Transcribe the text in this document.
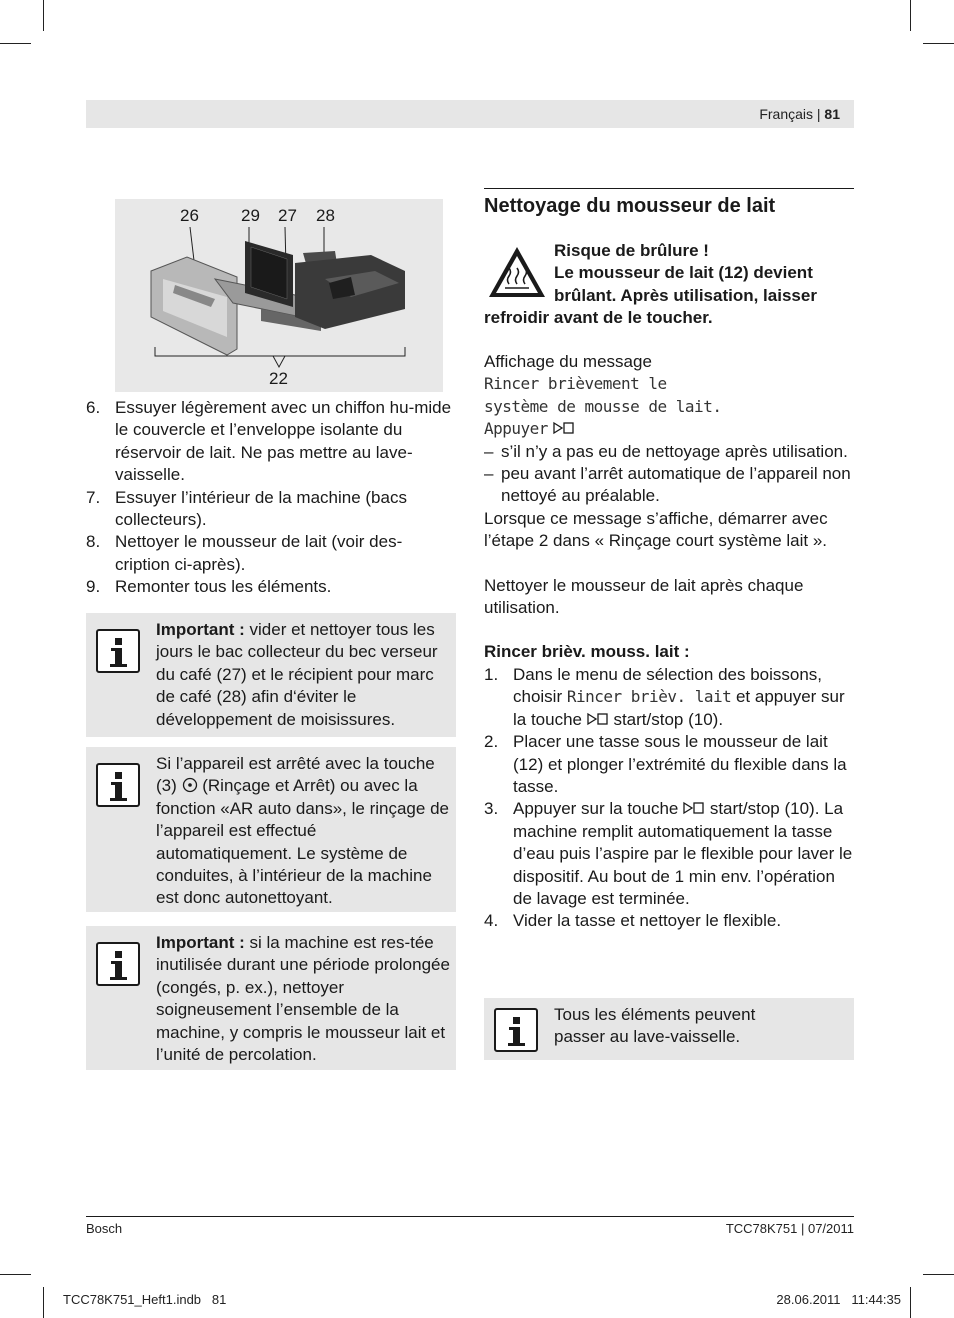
Français | 81
26 29 27 28
22
6. Essuyer légèrement avec un chiffon hu-mide le couvercle et l’enveloppe isolante du réservoir de lait. Ne pas mettre au lave-vaisselle.
7. Essuyer l’intérieur de la machine (bacs collecteurs).
8. Nettoyer le mousseur de lait (voir des-cription ci-après).
9. Remonter tous les éléments.
Important : vider et nettoyer tous les jours le bac collecteur du bec verseur du café (27) et le récipient pour marc de café (28) afin d‘éviter le développement de moisissures.
Si l’appareil est arrêté avec la touche (3)  (Rinçage et Arrêt) ou avec la fonction «AR auto dans», le rinçage de l’appareil est effectué automatiquement. Le système de conduites, à l’intérieur de la machine est donc autonettoyant.
Important : si la machine est res-tée inutilisée durant une période prolongée (congés, p. ex.), nettoyer soigneusement l’ensemble de la machine, y compris le mousseur lait et l’unité de percolation.
Nettoyage du mousseur de lait
Risque de brûlure !
Le mousseur de lait (12) devient
brûlant. Après utilisation, laisser
refroidir avant de le toucher.
Affichage du message
Rincer brièvement le
système de mousse de lait.
Appuyer
– s’il n’y a pas eu de nettoyage après utilisation.
– peu avant l’arrêt automatique de l’appareil non nettoyé au préalable.
Lorsque ce message s’affiche, démarrer avec l’étape 2 dans « Rinçage court système lait ».
Nettoyer le mousseur de lait après chaque utilisation.
Rincer brièv. mouss. lait :
1. Dans le menu de sélection des boissons, choisir Rincer brièv. lait et appuyer sur la touche  start/stop (10).
2. Placer une tasse sous le mousseur de lait (12) et plonger l’extrémité du flexible dans la tasse.
3. Appuyer sur la touche  start/stop (10). La machine remplit automatiquement la tasse d’eau puis l’aspire par le flexible pour laver le dispositif. Au bout de 1 min env. l’opération de lavage est terminée.
4. Vider la tasse et nettoyer le flexible.
Tous les éléments peuvent passer au lave-vaisselle.
Bosch	TCC78K751 | 07/2011
TCC78K751_Heft1.indb   81	28.06.2011   11:44:35
